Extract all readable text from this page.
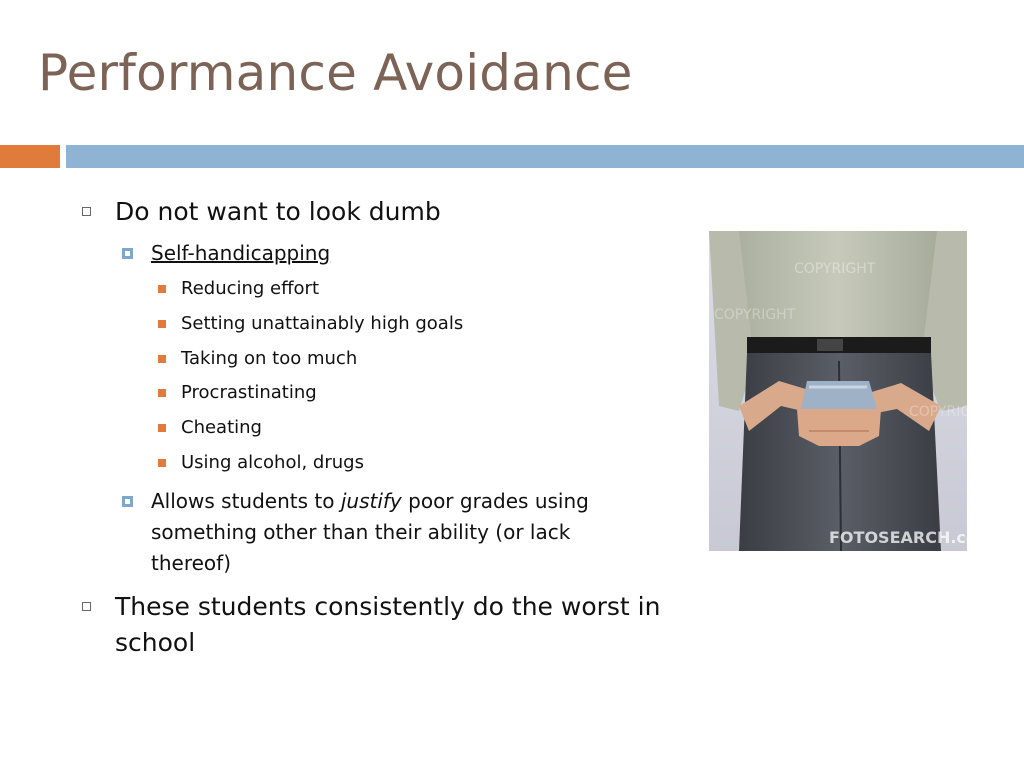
Performance Avoidance
Do not want to look dumb
Self-handicapping
Reducing effort
Setting unattainably high goals
Taking on too much
Procrastinating
Cheating
Using alcohol, drugs
Allows students to justify poor grades using something other than their ability (or lack thereof)
These students consistently do the worst in school
COPYRIGHT
COPYRIGHT
COPYRIGHT
FOTOSEARCH.com
